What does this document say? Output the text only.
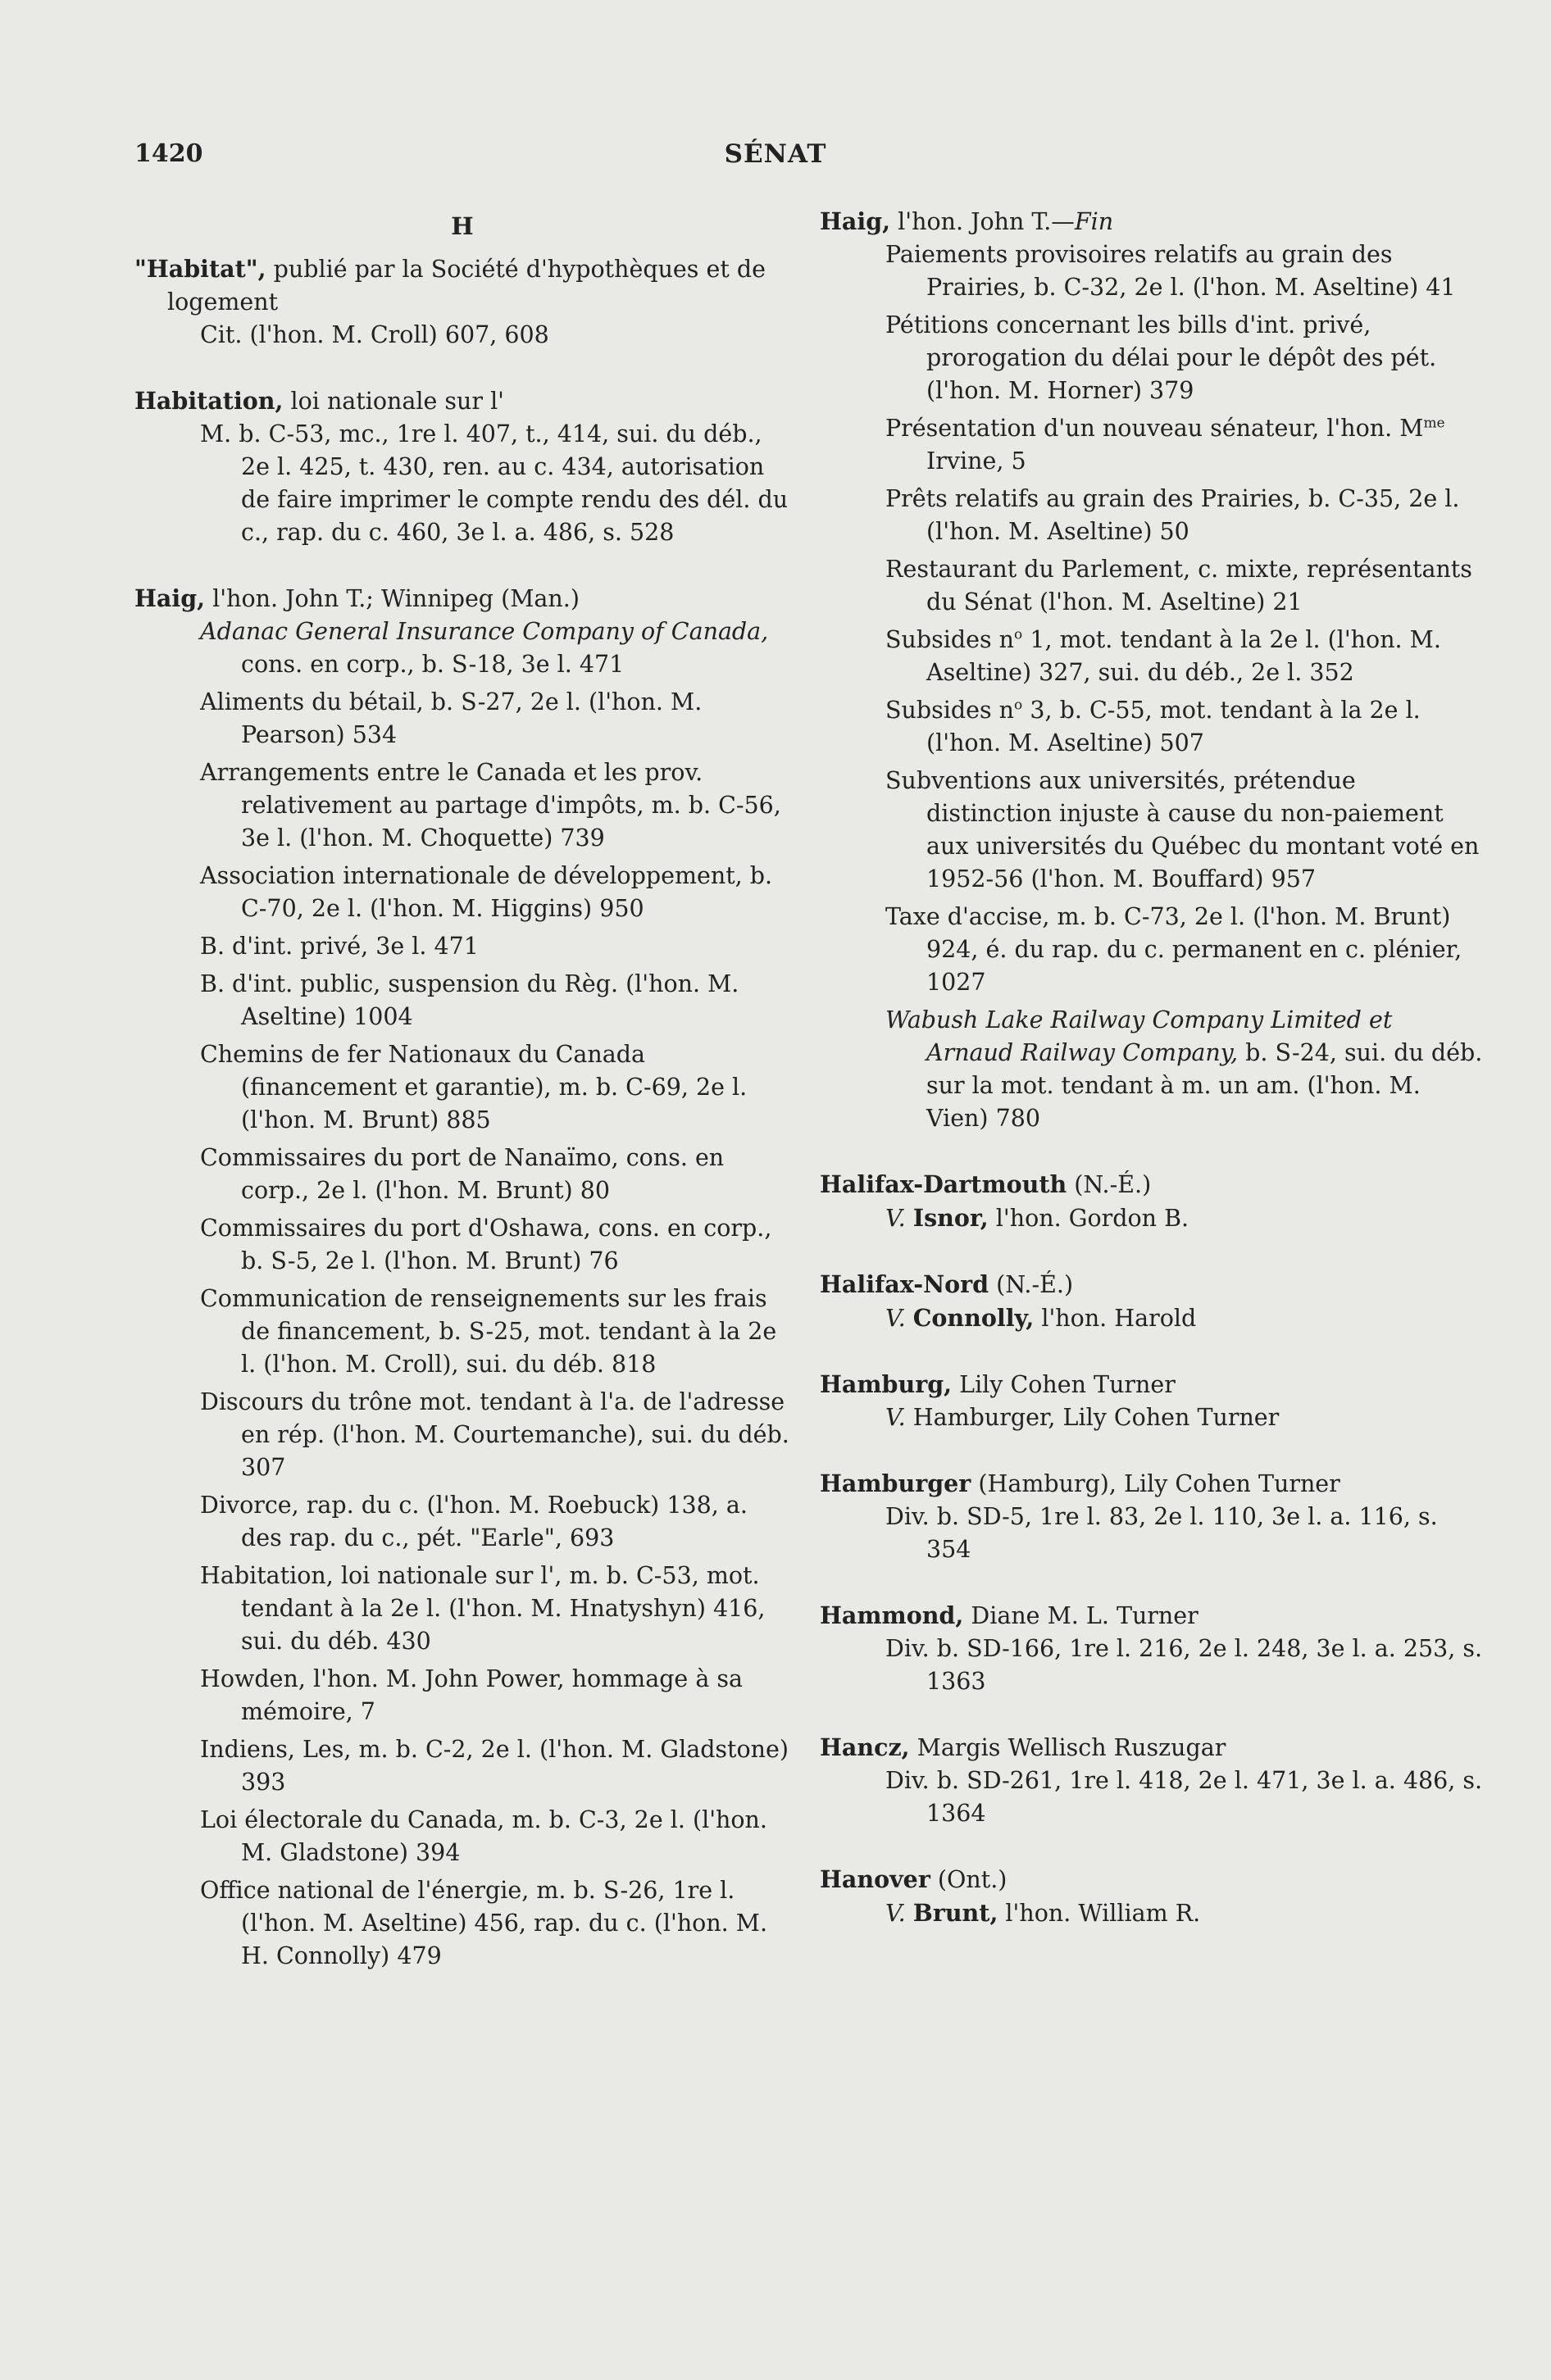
1420	SÉNAT
H

"Habitat", publié par la Société d'hypothèques et de logement

Cit. (l'hon. M. Croll) 607, 608

Habitation, loi nationale sur l'

M. b. C-53, mc., 1re l. 407, t., 414, sui. du déb., 2e l. 425, t. 430, ren. au c. 434, autorisation de faire imprimer le compte rendu des dél. du c., rap. du c. 460, 3e l. a. 486, s. 528

Haig, l'hon. John T.; Winnipeg (Man.)

Adanac General Insurance Company of Canada, cons. en corp., b. S-18, 3e l. 471

Aliments du bétail, b. S-27, 2e l. (l'hon. M. Pearson) 534

Arrangements entre le Canada et les prov. relativement au partage d'impôts, m. b. C-56, 3e l. (l'hon. M. Choquette) 739

Association internationale de développement, b. C-70, 2e l. (l'hon. M. Higgins) 950

B. d'int. privé, 3e l. 471

B. d'int. public, suspension du Règ. (l'hon. M. Aseltine) 1004

Chemins de fer Nationaux du Canada (financement et garantie), m. b. C-69, 2e l. (l'hon. M. Brunt) 885

Commissaires du port de Nanaïmo, cons. en corp., 2e l. (l'hon. M. Brunt) 80

Commissaires du port d'Oshawa, cons. en corp., b. S-5, 2e l. (l'hon. M. Brunt) 76

Communication de renseignements sur les frais de financement, b. S-25, mot. tendant à la 2e l. (l'hon. M. Croll), sui. du déb. 818

Discours du trône mot. tendant à l'a. de l'adresse en rép. (l'hon. M. Courtemanche), sui. du déb. 307

Divorce, rap. du c. (l'hon. M. Roebuck) 138, a. des rap. du c., pét. "Earle", 693

Habitation, loi nationale sur l', m. b. C-53, mot. tendant à la 2e l. (l'hon. M. Hnatyshyn) 416, sui. du déb. 430

Howden, l'hon. M. John Power, hommage à sa mémoire, 7

Indiens, Les, m. b. C-2, 2e l. (l'hon. M. Gladstone) 393

Loi électorale du Canada, m. b. C-3, 2e l. (l'hon. M. Gladstone) 394

Office national de l'énergie, m. b. S-26, 1re l. (l'hon. M. Aseltine) 456, rap. du c. (l'hon. M. H. Connolly) 479

Haig, l'hon. John T.—Fin

Paiements provisoires relatifs au grain des Prairies, b. C-32, 2e l. (l'hon. M. Aseltine) 41

Pétitions concernant les bills d'int. privé, prorogation du délai pour le dépôt des pét. (l'hon. M. Horner) 379

Présentation d'un nouveau sénateur, l'hon. $M^{me}$ Irvine, 5

Prêts relatifs au grain des Prairies, b. C-35, 2e l. (l'hon. M. Aseltine) 50

Restaurant du Parlement, c. mixte, représentants du Sénat (l'hon. M. Aseltine) 21

Subsides $n^o$ 1, mot. tendant à la 2e l. (l'hon. M. Aseltine) 327, sui. du déb., 2e l. 352

Subsides $n^o$ 3, b. C-55, mot. tendant à la 2e l. (l'hon. M. Aseltine) 507

Subventions aux universités, prétendue distinction injuste à cause du non-paiement aux universités du Québec du montant voté en 1952-56 (l'hon. M. Bouffard) 957

Taxe d'accise, m. b. C-73, 2e l. (l'hon. M. Brunt) 924, é. du rap. du c. permanent en c. plénier, 1027

Wabush Lake Railway Company Limited et Arnaud Railway Company, b. S-24, sui. du déb. sur la mot. tendant à m. un am. (l'hon. M. Vien) 780

Halifax-Dartmouth (N.-É.)

V. Isnor, l'hon. Gordon B.

Halifax-Nord (N.-É.)

V. Connolly, l'hon. Harold

Hamburg, Lily Cohen Turner

V. Hamburger, Lily Cohen Turner

Hamburger (Hamburg), Lily Cohen Turner

Div. b. SD-5, 1re l. 83, 2e l. 110, 3e l. a. 116, s. 354

Hammond, Diane M. L. Turner

Div. b. SD-166, 1re l. 216, 2e l. 248, 3e l. a. 253, s. 1363

Hancz, Margis Wellisch Ruszugar

Div. b. SD-261, 1re l. 418, 2e l. 471, 3e l. a. 486, s. 1364

Hanover (Ont.)

V. Brunt, l'hon. William R.
